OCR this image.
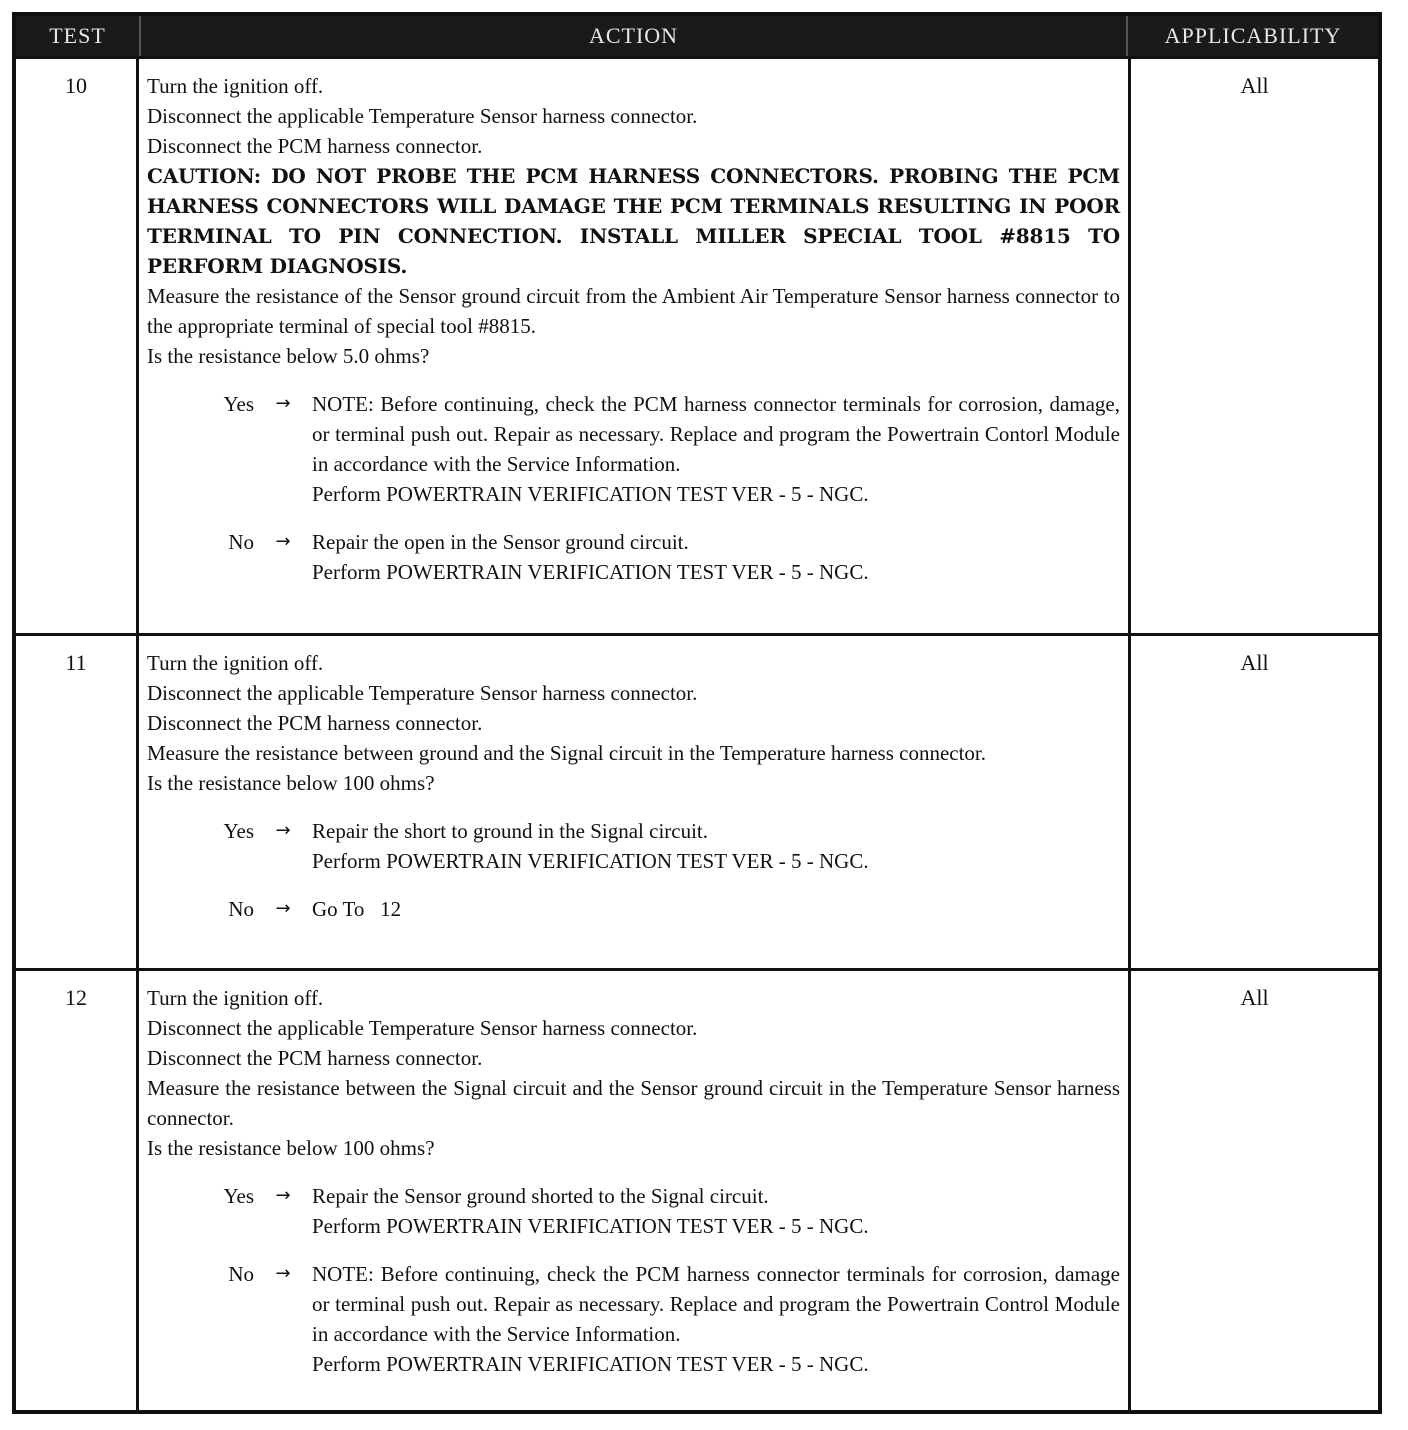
TEST	ACTION	APPLICABILITY
10	Turn the ignition off.
Disconnect the applicable Temperature Sensor harness connector.
Disconnect the PCM harness connector.
CAUTION: DO NOT PROBE THE PCM HARNESS CONNECTORS. PROBING THE PCM HARNESS CONNECTORS WILL DAMAGE THE PCM TERMINALS RESULTING IN POOR TERMINAL TO PIN CONNECTION. INSTALL MILLER SPECIAL TOOL #8815 TO PERFORM DIAGNOSIS.
Measure the resistance of the Sensor ground circuit from the Ambient Air Temperature Sensor harness connector to the appropriate terminal of special tool #8815.
Is the resistance below 5.0 ohms?
Yes	→	NOTE: Before continuing, check the PCM harness connector terminals for corrosion, damage, or terminal push out. Repair as necessary. Replace and program the Powertrain Contorl Module in accordance with the Service Information.
Perform POWERTRAIN VERIFICATION TEST VER - 5 - NGC.
No	→	Repair the open in the Sensor ground circuit.
Perform POWERTRAIN VERIFICATION TEST VER - 5 - NGC.
All
11	Turn the ignition off.
Disconnect the applicable Temperature Sensor harness connector.
Disconnect the PCM harness connector.
Measure the resistance between ground and the Signal circuit in the Temperature harness connector.
Is the resistance below 100 ohms?
Yes	→	Repair the short to ground in the Signal circuit.
Perform POWERTRAIN VERIFICATION TEST VER - 5 - NGC.
No	→	Go To   12
All
12	Turn the ignition off.
Disconnect the applicable Temperature Sensor harness connector.
Disconnect the PCM harness connector.
Measure the resistance between the Signal circuit and the Sensor ground circuit in the Temperature Sensor harness connector.
Is the resistance below 100 ohms?
Yes	→	Repair the Sensor ground shorted to the Signal circuit.
Perform POWERTRAIN VERIFICATION TEST VER - 5 - NGC.
No	→	NOTE: Before continuing, check the PCM harness connector terminals for corrosion, damage or terminal push out. Repair as necessary. Replace and program the Powertrain Control Module in accordance with the Service Information.
Perform POWERTRAIN VERIFICATION TEST VER - 5 - NGC.
All
